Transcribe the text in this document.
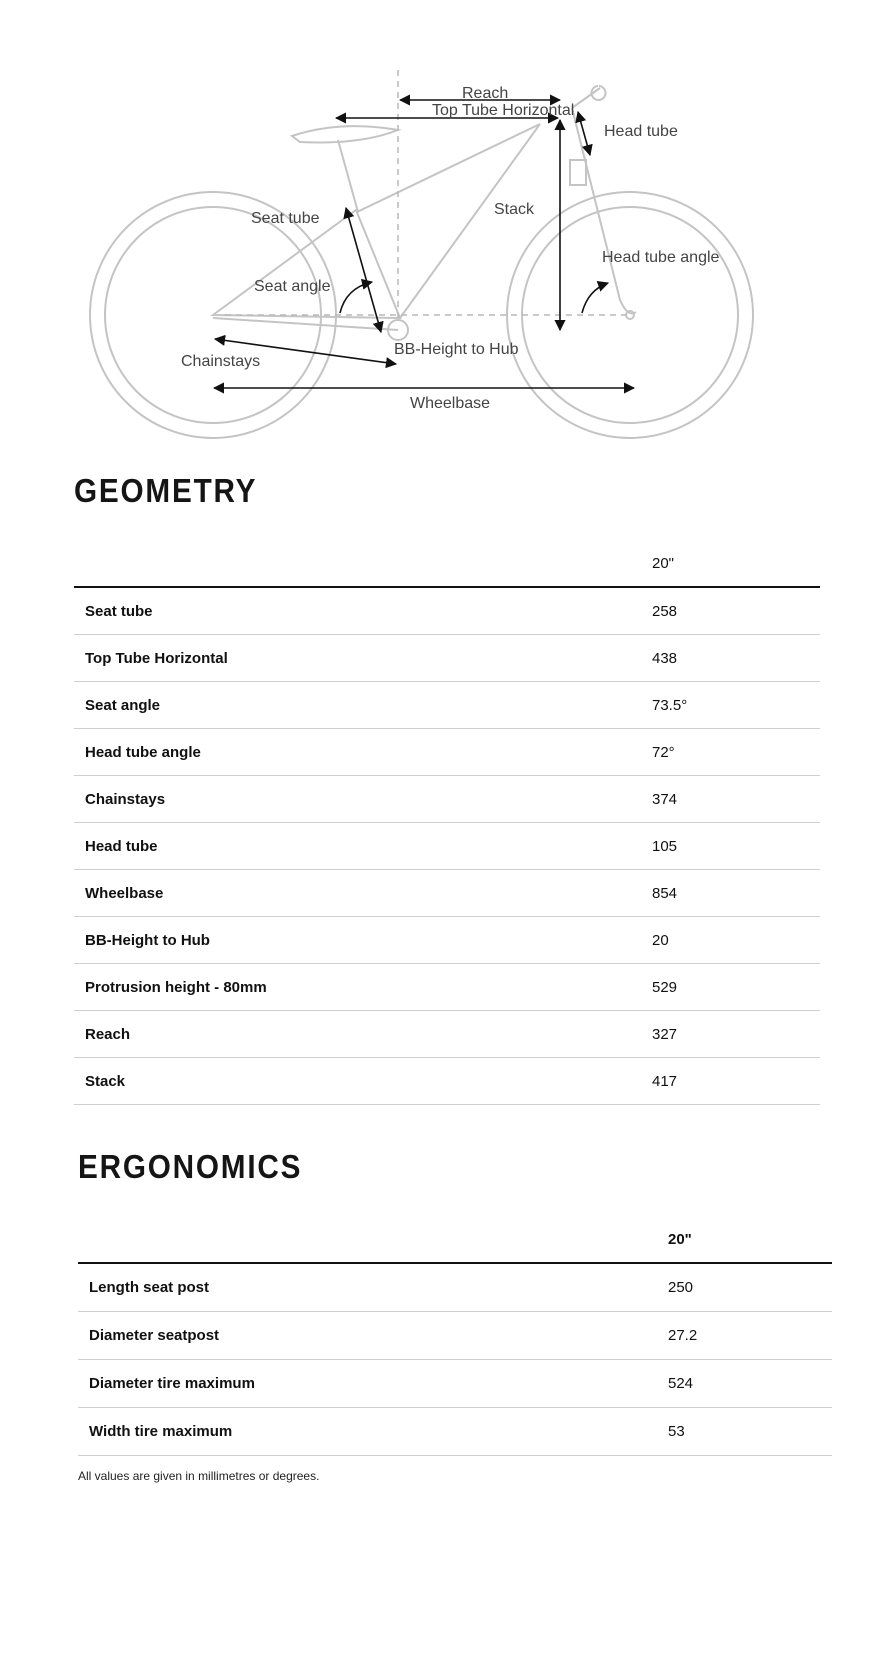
Reach
Top Tube Horizontal
Head tube
Seat tube
Stack
Head tube angle
Seat angle
BB-Height to Hub
Chainstays
Wheelbase
GEOMETRY
	20"
Seat tube	258
Top Tube Horizontal	438
Seat angle	73.5°
Head tube angle	72°
Chainstays	374
Head tube	105
Wheelbase	854
BB-Height to Hub	20
Protrusion height - 80mm	529
Reach	327
Stack	417
ERGONOMICS
	20"
Length seat post	250
Diameter seatpost	27.2
Diameter tire maximum	524
Width tire maximum	53
All values are given in millimetres or degrees.
